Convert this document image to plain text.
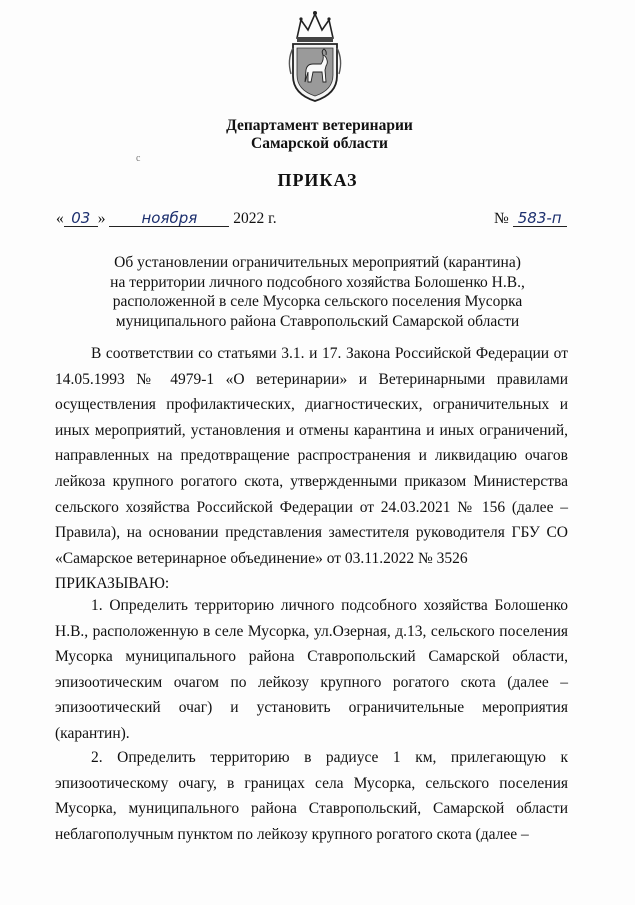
Департамент ветеринарии
Самарской области
с
ПРИКАЗ
« 03 » ноября 2022 г.	№ 583-п
Об установлении ограничительных мероприятий (карантина)
на территории личного подсобного хозяйства Болошенко Н.В.,
расположенной в селе Мусорка сельского поселения Мусорка
муниципального района Ставропольский Самарской области

В соответствии со статьями 3.1. и 17. Закона Российской Федерации от 14.05.1993 № 4979-1 «О ветеринарии» и Ветеринарными правилами осуществления профилактических, диагностических, ограничительных и иных мероприятий, установления и отмены карантина и иных ограничений, направленных на предотвращение распространения и ликвидацию очагов лейкоза крупного рогатого скота, утвержденными приказом Министерства сельского хозяйства Российской Федерации от 24.03.2021 № 156 (далее – Правила), на основании представления заместителя руководителя ГБУ СО «Самарское ветеринарное объединение» от 03.11.2022 № 3526

ПРИКАЗЫВАЮ:

1. Определить территорию личного подсобного хозяйства Болошенко Н.В., расположенную в селе Мусорка, ул.Озерная, д.13, сельского поселения Мусорка муниципального района Ставропольский Самарской области, эпизоотическим очагом по лейкозу крупного рогатого скота (далее – эпизоотический очаг) и установить ограничительные мероприятия (карантин).

2. Определить территорию в радиусе 1 км, прилегающую к эпизоотическому очагу, в границах села Мусорка, сельского поселения Мусорка, муниципального района Ставропольский, Самарской области неблагополучным пунктом по лейкозу крупного рогатого скота (далее –
